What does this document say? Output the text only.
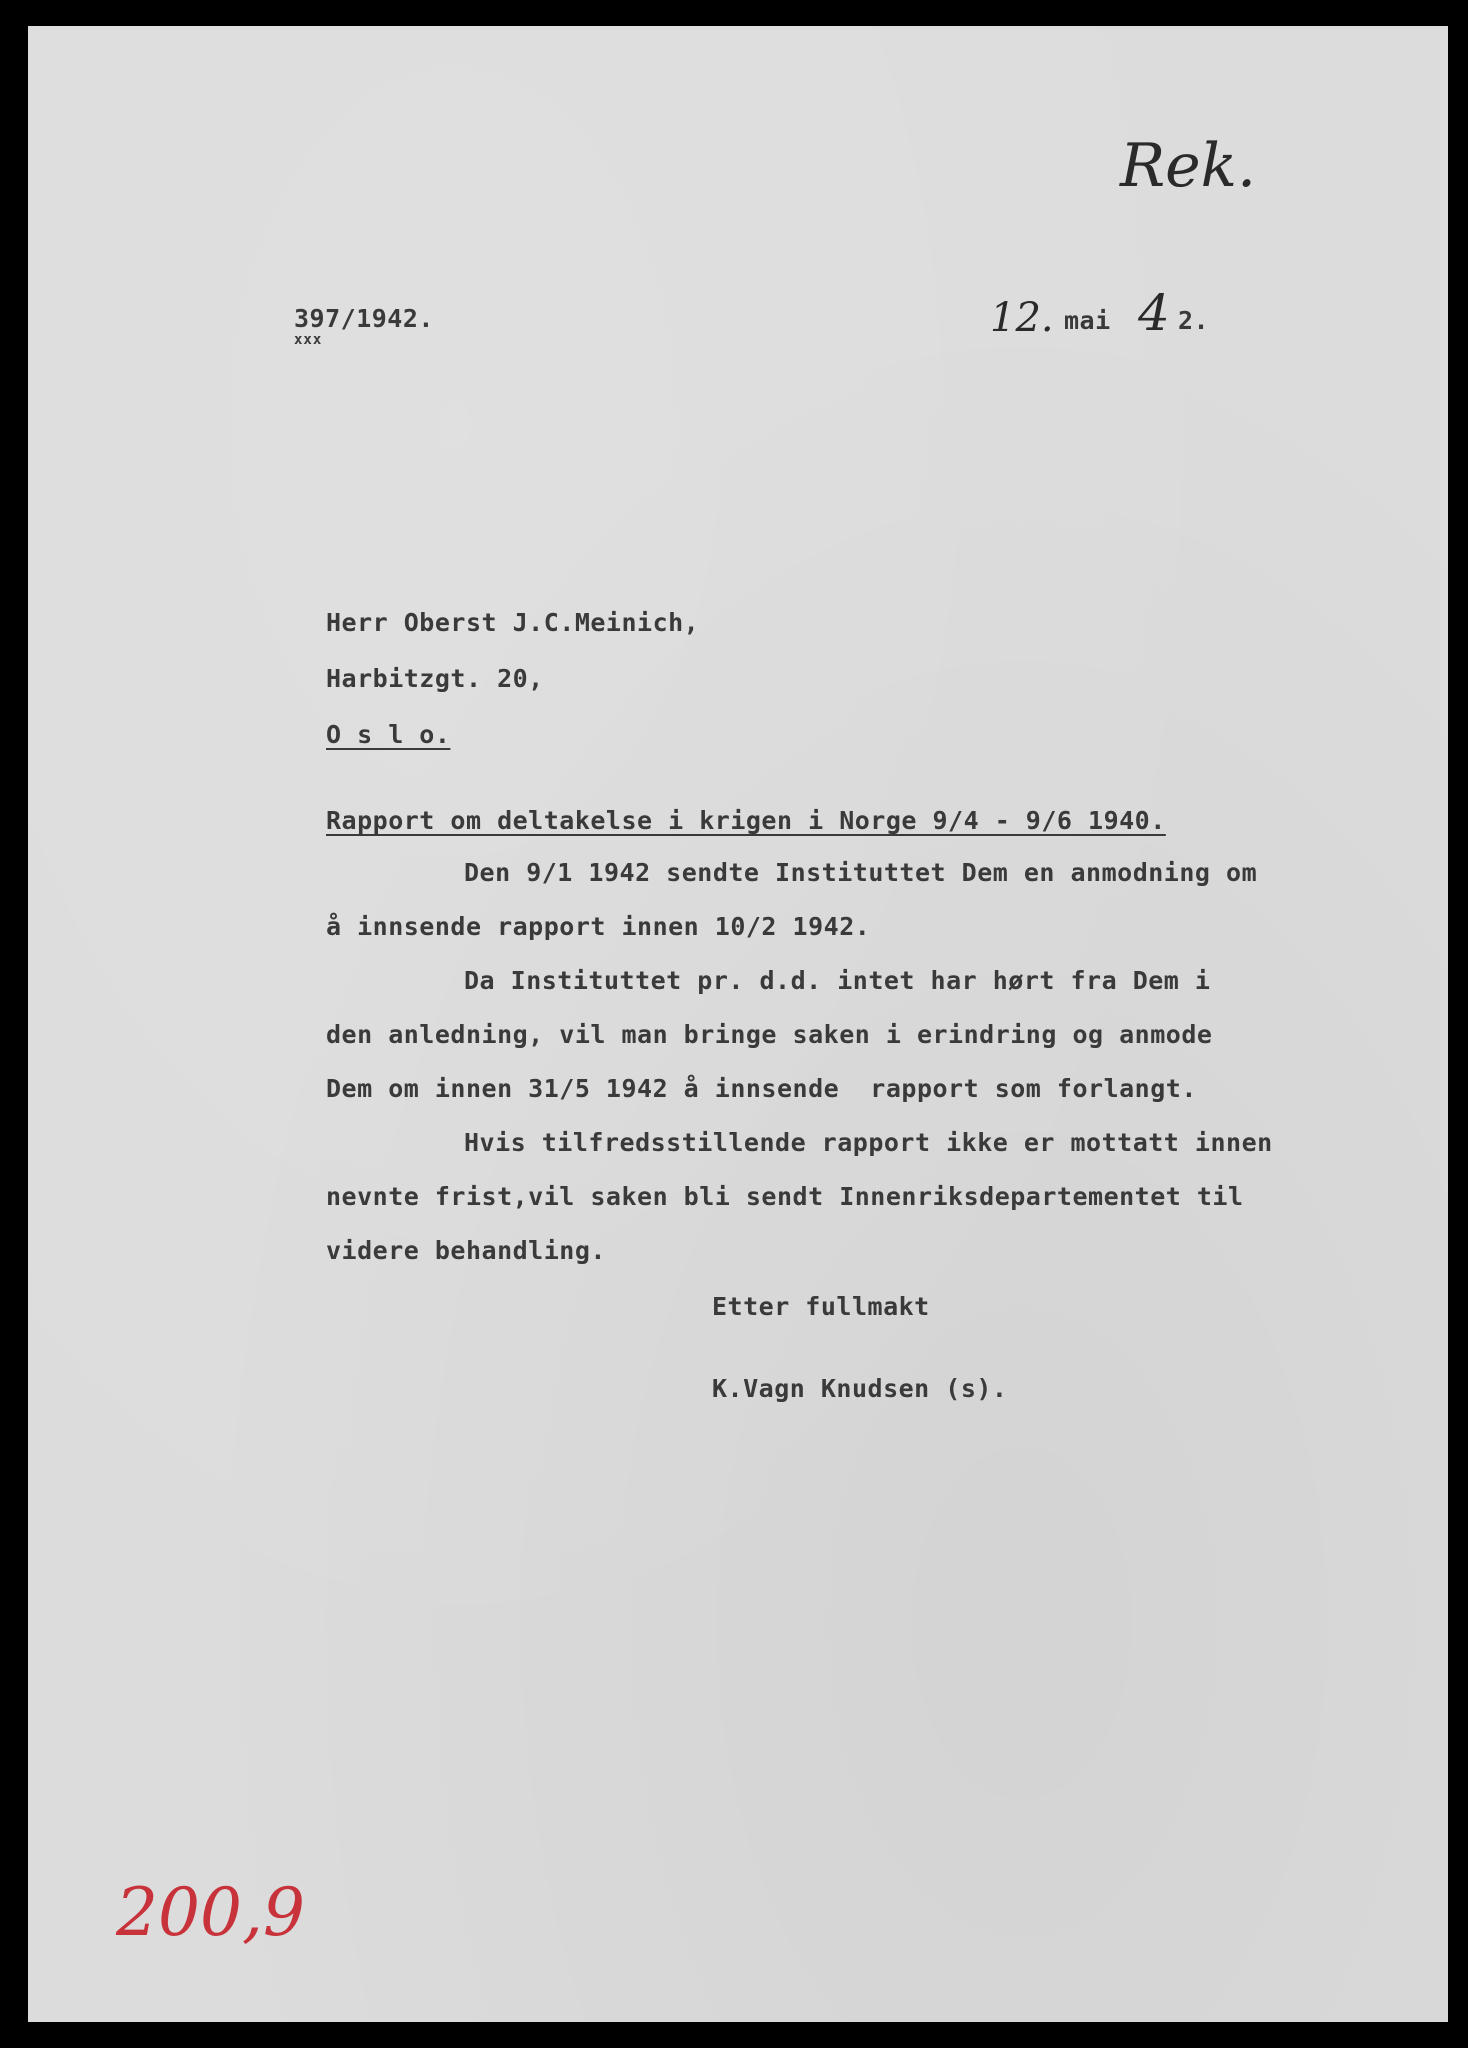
Rek.
397/1942.
xxx	12. mai 4 2.
Herr Oberst J.C.Meinich,
Harbitzgt. 20,
O s l o.
Rapport om deltakelse i krigen i Norge 9/4 - 9/6 1940.
Den 9/1 1942 sendte Instituttet Dem en anmodning om
å innsende rapport innen 10/2 1942.
Da Instituttet pr. d.d. intet har hørt fra Dem i
den anledning, vil man bringe saken i erindring og anmode
Dem om innen 31/5 1942 å innsende  rapport som forlangt.
Hvis tilfredsstillende rapport ikke er mottatt innen
nevnte frist,vil saken bli sendt Innenriksdepartementet til
videre behandling.
Etter fullmakt
K.Vagn Knudsen (s).
200,9
